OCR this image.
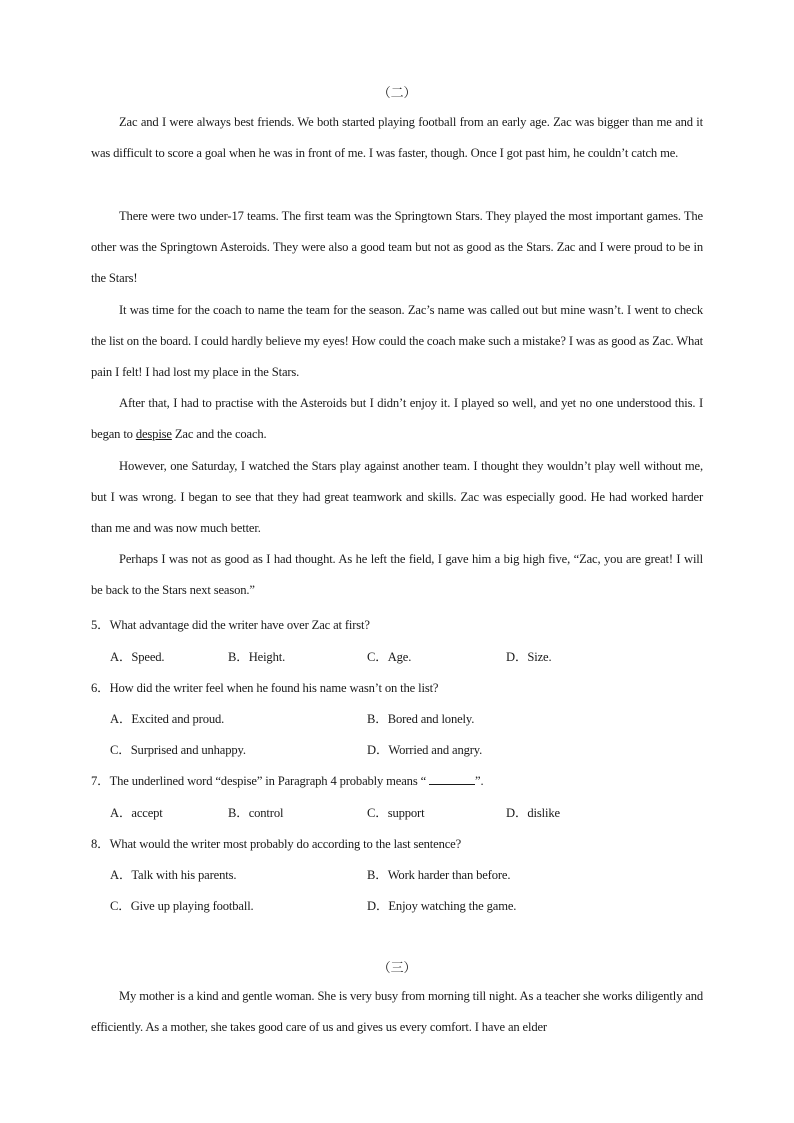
（二）

Zac and I were always best friends. We both started playing football from an early age. Zac was bigger than me and it was difficult to score a goal when he was in front of me. I was faster, though. Once I got past him, he couldn’t catch me.

There were two under-17 teams. The first team was the Springtown Stars. They played the most important games. The other was the Springtown Asteroids. They were also a good team but not as good as the Stars. Zac and I were proud to be in the Stars!

It was time for the coach to name the team for the season. Zac’s name was called out but mine wasn’t. I went to check the list on the board. I could hardly believe my eyes! How could the coach make such a mistake? I was as good as Zac. What pain I felt! I had lost my place in the Stars.

After that, I had to practise with the Asteroids but I didn’t enjoy it. I played so well, and yet no one understood this. I began to despise Zac and the coach.

However, one Saturday, I watched the Stars play against another team. I thought they wouldn’t play well without me, but I was wrong. I began to see that they had great teamwork and skills. Zac was especially good. He had worked harder than me and was now much better.

Perhaps I was not as good as I had thought. As he left the field, I gave him a big high five, “Zac, you are great! I will be back to the Stars next season.”

5．What advantage did the writer have over Zac at first?
A．Speed.	B．Height.	C．Age.	D．Size.
6．How did the writer feel when he found his name wasn’t on the list?
A．Excited and proud.	B．Bored and lonely.
C．Surprised and unhappy.	D．Worried and angry.
7．The underlined word “despise” in Paragraph 4 probably means “	”.
A．accept	B．control	C．support	D．dislike
8．What would the writer most probably do according to the last sentence?
A．Talk with his parents.	B．Work harder than before.
C．Give up playing football.	D．Enjoy watching the game.
（三）

My mother is a kind and gentle woman. She is very busy from morning till night. As a teacher she works diligently and efficiently. As a mother, she takes good care of us and gives us every comfort. I have an elder
